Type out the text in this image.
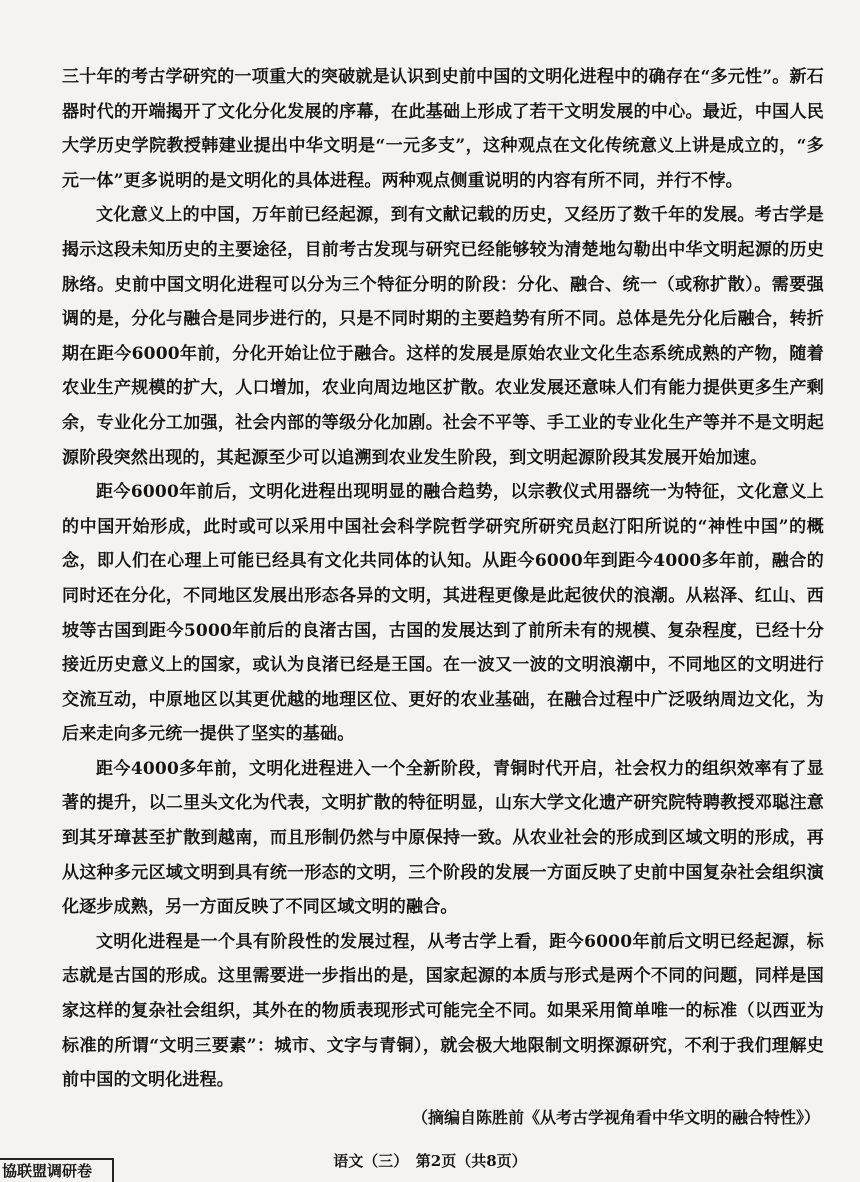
三十年的考古学研究的一项重大的突破就是认识到史前中国的文明化进程中的确存在“多元性”。新石器时代的开端揭开了文化分化发展的序幕，在此基础上形成了若干文明发展的中心。最近，中国人民大学历史学院教授韩建业提出中华文明是“一元多支”，这种观点在文化传统意义上讲是成立的，“多元一体”更多说明的是文明化的具体进程。两种观点侧重说明的内容有所不同，并行不悖。

文化意义上的中国，万年前已经起源，到有文献记载的历史，又经历了数千年的发展。考古学是揭示这段未知历史的主要途径，目前考古发现与研究已经能够较为清楚地勾勒出中华文明起源的历史脉络。史前中国文明化进程可以分为三个特征分明的阶段：分化、融合、统一（或称扩散）。需要强调的是，分化与融合是同步进行的，只是不同时期的主要趋势有所不同。总体是先分化后融合，转折期在距今6000年前，分化开始让位于融合。这样的发展是原始农业文化生态系统成熟的产物，随着农业生产规模的扩大，人口增加，农业向周边地区扩散。农业发展还意味人们有能力提供更多生产剩余，专业化分工加强，社会内部的等级分化加剧。社会不平等、手工业的专业化生产等并不是文明起源阶段突然出现的，其起源至少可以追溯到农业发生阶段，到文明起源阶段其发展开始加速。

距今6000年前后，文明化进程出现明显的融合趋势，以宗教仪式用器统一为特征，文化意义上的中国开始形成，此时或可以采用中国社会科学院哲学研究所研究员赵汀阳所说的“神性中国”的概念，即人们在心理上可能已经具有文化共同体的认知。从距今6000年到距今4000多年前，融合的同时还在分化，不同地区发展出形态各异的文明，其进程更像是此起彼伏的浪潮。从崧泽、红山、西坡等古国到距今5000年前后的良渚古国，古国的发展达到了前所未有的规模、复杂程度，已经十分接近历史意义上的国家，或认为良渚已经是王国。在一波又一波的文明浪潮中，不同地区的文明进行交流互动，中原地区以其更优越的地理区位、更好的农业基础，在融合过程中广泛吸纳周边文化，为后来走向多元统一提供了坚实的基础。

距今4000多年前，文明化进程进入一个全新阶段，青铜时代开启，社会权力的组织效率有了显著的提升，以二里头文化为代表，文明扩散的特征明显，山东大学文化遗产研究院特聘教授邓聪注意到其牙璋甚至扩散到越南，而且形制仍然与中原保持一致。从农业社会的形成到区域文明的形成，再从这种多元区域文明到具有统一形态的文明，三个阶段的发展一方面反映了史前中国复杂社会组织演化逐步成熟，另一方面反映了不同区域文明的融合。

文明化进程是一个具有阶段性的发展过程，从考古学上看，距今6000年前后文明已经起源，标志就是古国的形成。这里需要进一步指出的是，国家起源的本质与形式是两个不同的问题，同样是国家这样的复杂社会组织，其外在的物质表现形式可能完全不同。如果采用简单唯一的标准（以西亚为标准的所谓“文明三要素”：城市、文字与青铜），就会极大地限制文明探源研究，不利于我们理解史前中国的文明化进程。

（摘编自陈胜前《从考古学视角看中华文明的融合特性》）
语文（三）　第2页（共8页）
協联盟调研卷
